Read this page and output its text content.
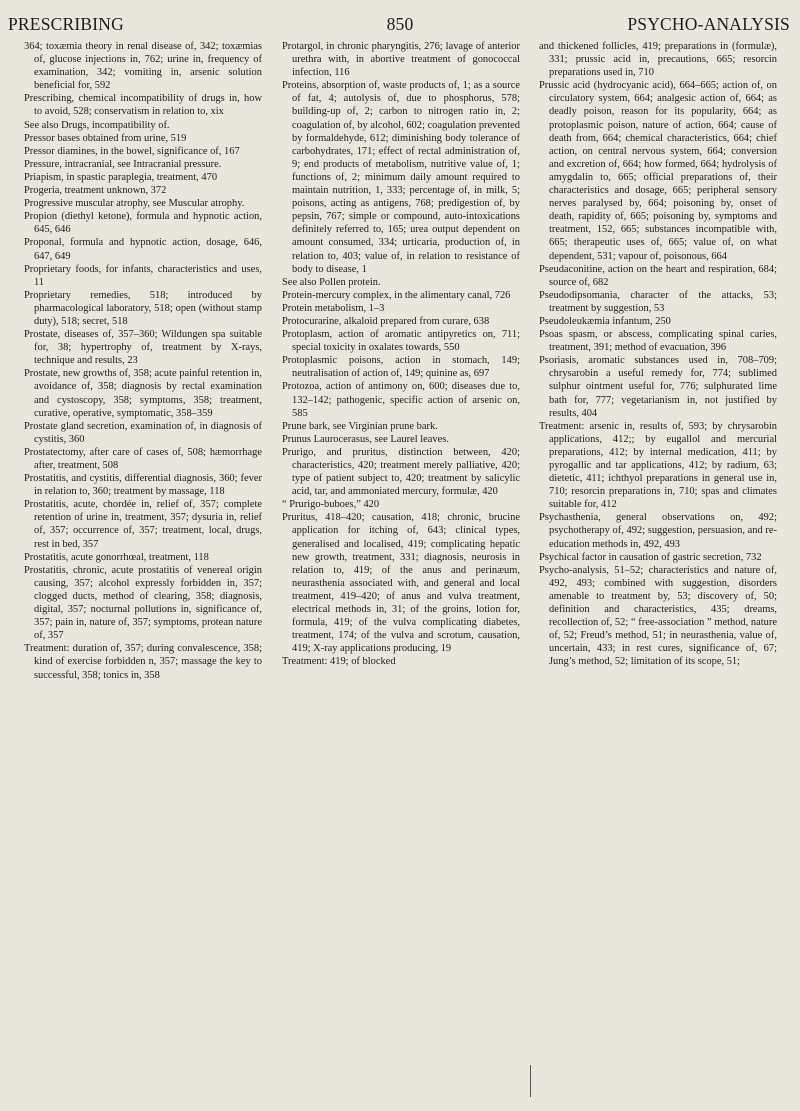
PRESCRIBING	850	PSYCHO-ANALYSIS

364; toxæmia theory in renal disease of, 342; toxæmias of, glucose injections in, 762; urine in, frequency of examination, 342; vomiting in, arsenic solution beneficial for, 592

Prescribing, chemical incompatibility of drugs in, how to avoid, 528; conservatism in relation to, xix

See also Drugs, incompatibility of.

Pressor bases obtained from urine, 519

Pressor diamines, in the bowel, significance of, 167

Pressure, intracranial, see Intracranial pressure.

Priapism, in spastic paraplegia, treatment, 470

Progeria, treatment unknown, 372

Progressive muscular atrophy, see Muscular atrophy.

Propion (diethyl ketone), formula and hypnotic action, 645, 646

Proponal, formula and hypnotic action, dosage, 646, 647, 649

Proprietary foods, for infants, characteristics and uses, 11

Proprietary remedies, 518; introduced by pharmacological laboratory, 518; open (without stamp duty), 518; secret, 518

Prostate, diseases of, 357–360; Wildungen spa suitable for, 38; hypertrophy of, treatment by X-rays, technique and results, 23

Prostate, new growths of, 358; acute painful retention in, avoidance of, 358; diagnosis by rectal examination and cystoscopy, 358; symptoms, 358; treatment, curative, operative, symptomatic, 358–359

Prostate gland secretion, examination of, in diagnosis of cystitis, 360

Prostatectomy, after care of cases of, 508; hæmorrhage after, treatment, 508

Prostatitis, and cystitis, differential diagnosis, 360; fever in relation to, 360; treatment by massage, 118

Prostatitis, acute, chordée in, relief of, 357; complete retention of urine in, treatment, 357; dysuria in, relief of, 357; occurrence of, 357; treatment, local, drugs, rest in bed, 357

Prostatitis, acute gonorrhœal, treatment, 118

Prostatitis, chronic, acute prostatitis of venereal origin causing, 357; alcohol expressly forbidden in, 357; clogged ducts, method of clearing, 358; diagnosis, digital, 357; nocturnal pollutions in, significance of, 357; pain in, nature of, 357; symptoms, protean nature of, 357

Treatment: duration of, 357; during convalescence, 358; kind of exercise forbidden n, 357; massage the key to successful, 358; tonics in, 358

Protargol, in chronic pharyngitis, 276; lavage of anterior urethra with, in abortive treatment of gonococcal infection, 116

Proteins, absorption of, waste products of, 1; as a source of fat, 4; autolysis of, due to phosphorus, 578; building-up of, 2; carbon to nitrogen ratio in, 2; coagulation of, by alcohol, 602; coagulation prevented by formaldehyde, 612; diminishing body tolerance of carbohydrates, 171; effect of rectal administration of, 9; end products of metabolism, nutritive value of, 1; functions of, 2; minimum daily amount required to maintain nutrition, 1, 333; percentage of, in milk, 5; poisons, acting as antigens, 768; predigestion of, by pepsin, 767; simple or compound, auto-intoxications definitely referred to, 165; urea output dependent on amount consumed, 334; urticaria, production of, in relation to, 403; value of, in relation to resistance of body to disease, 1

See also Pollen protein.

Protein-mercury complex, in the alimentary canal, 726

Protein metabolism, 1–3

Protocurarine, alkaloid prepared from curare, 638

Protoplasm, action of aromatic antipyretics on, 711; special toxicity in oxalates towards, 550

Protoplasmic poisons, action in stomach, 149; neutralisation of action of, 149; quinine as, 697

Protozoa, action of antimony on, 600; diseases due to, 132–142; pathogenic, specific action of arsenic on, 585

Prune bark, see Virginian prune bark.

Prunus Laurocerasus, see Laurel leaves.

Prurigo, and pruritus, distinction between, 420; characteristics, 420; treatment merely palliative, 420; type of patient subject to, 420; treatment by salicylic acid, tar, and ammoniated mercury, formulæ, 420

“ Prurigo-buboes,” 420

Pruritus, 418–420; causation, 418; chronic, brucine application for itching of, 643; clinical types, generalised and localised, 419; complicating hepatic new growth, treatment, 331; diagnosis, neurosis in relation to, 419; of the anus and perinæum, neurasthenia associated with, and general and local treatment, 419–420; of anus and vulva treatment, electrical methods in, 31; of the groins, lotion for, formula, 419; of the vulva complicating diabetes, treatment, 174; of the vulva and scrotum, causation, 419; X-ray applications producing, 19

Treatment: 419; of blocked

and thickened follicles, 419; preparations in (formulæ), 331; prussic acid in, precautions, 665; resorcin preparations used in, 710

Prussic acid (hydrocyanic acid), 664–665; action of, on circulatory system, 664; analgesic action of, 664; as deadly poison, reason for its popularity, 664; as protoplasmic poison, nature of action, 664; cause of death from, 664; chemical characteristics, 664; chief action, on central nervous system, 664; conversion and excretion of, 664; how formed, 664; hydrolysis of amygdalin to, 665; official preparations of, their characteristics and dosage, 665; peripheral sensory nerves paralysed by, 664; poisoning by, onset of death, rapidity of, 665; poisoning by, symptoms and treatment, 152, 665; substances incompatible with, 665; therapeutic uses of, 665; value of, on what dependent, 531; vapour of, poisonous, 664

Pseudaconitine, action on the heart and respiration, 684; source of, 682

Pseudodipsomania, character of the attacks, 53; treatment by suggestion, 53

Pseudoleukæmia infantum, 250

Psoas spasm, or abscess, complicating spinal caries, treatment, 391; method of evacuation, 396

Psoriasis, aromatic substances used in, 708–709; chrysarobin a useful remedy for, 774; sublimed sulphur ointment useful for, 776; sulphurated lime bath for, 777; vegetarianism in, not justified by results, 404

Treatment: arsenic in, results of, 593; by chrysarobin applications, 412;; by eugallol and mercurial preparations, 412; by internal medication, 411; by pyrogallic and tar applications, 412; by radium, 63; dietetic, 411; ichthyol preparations in general use in, 710; resorcin preparations in, 710; spas and climates suitable for, 412

Psychasthenia, general observations on, 492; psychotherapy of, 492; suggestion, persuasion, and re-education methods in, 492, 493

Psychical factor in causation of gastric secretion, 732

Psycho-analysis, 51–52; characteristics and nature of, 492, 493; combined with suggestion, disorders amenable to treatment by, 53; discovery of, 50; definition and characteristics, 435; dreams, recollection of, 52; “ free-association ” method, nature of, 52; Freud’s method, 51; in neurasthenia, value of, uncertain, 433; in rest cures, significance of, 67; Jung’s method, 52; limitation of its scope, 51;
